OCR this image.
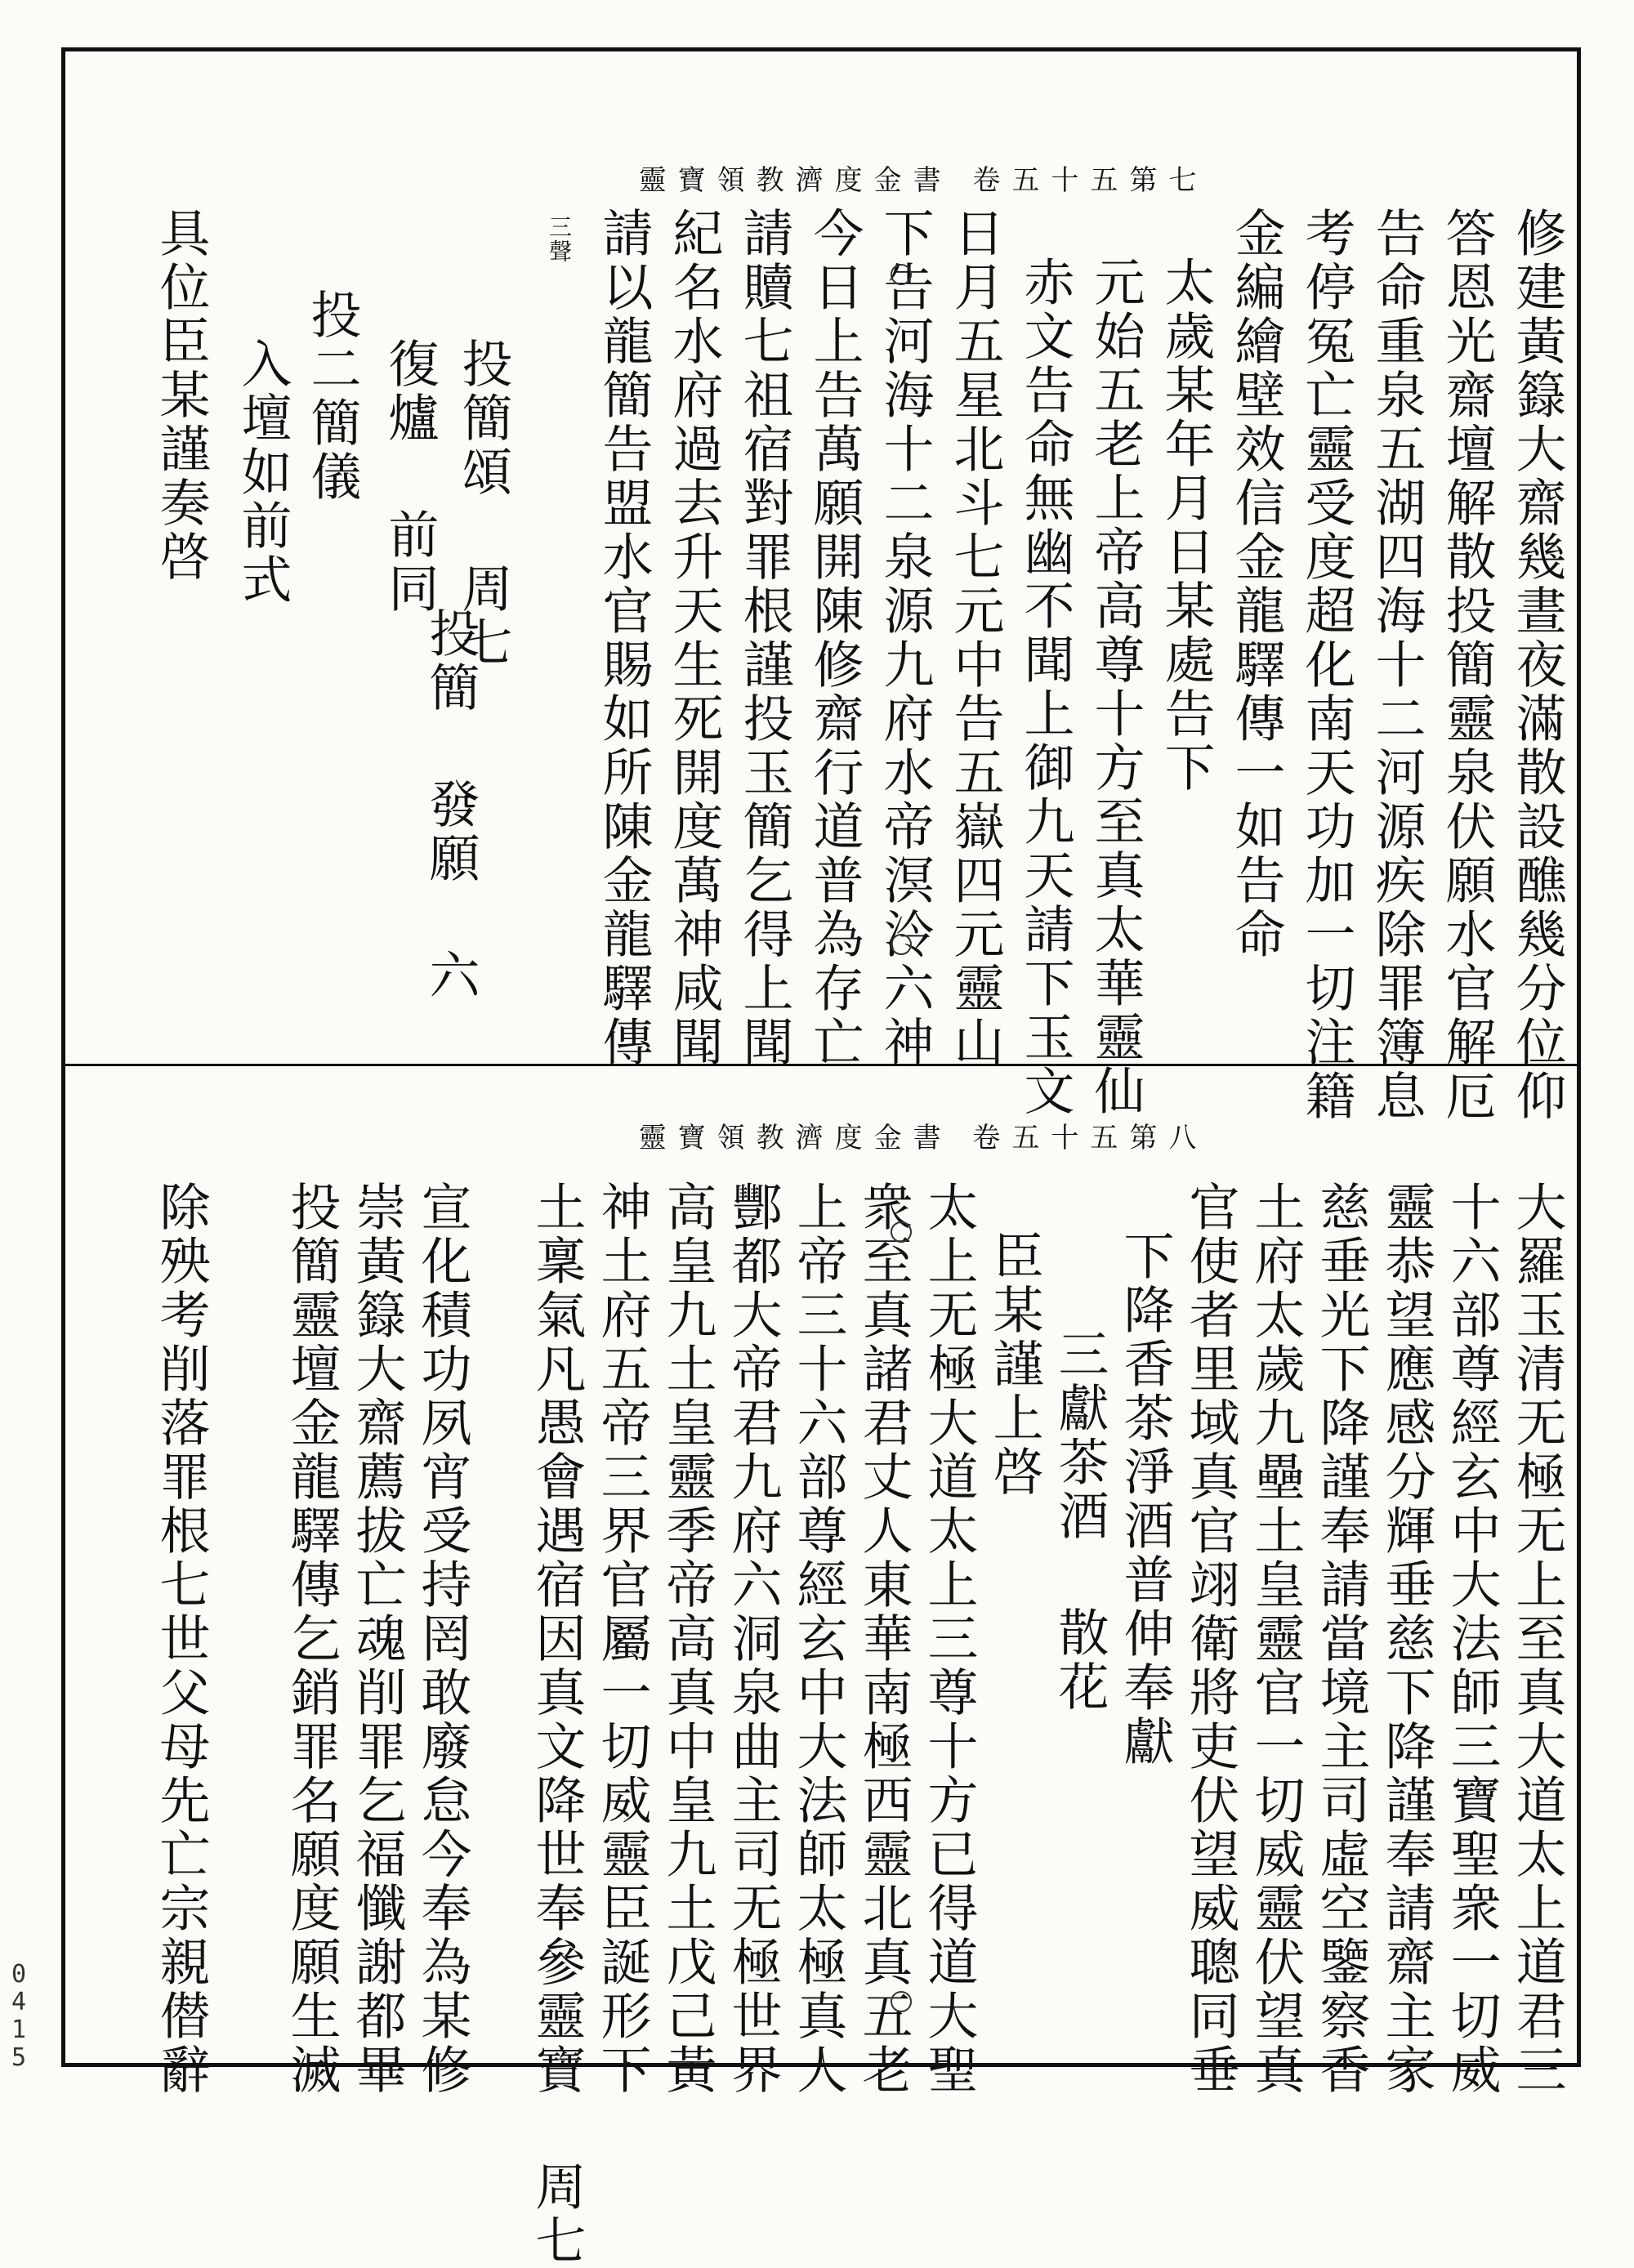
靈寶領教濟度金書 卷五十五第七
修建黃籙大齋幾晝夜滿散設醮幾分位仰
答恩光齋壇解散投簡靈泉伏願水官解厄
告命重泉五湖四海十二河源疾除罪簿息
考停冤亡靈受度超化南天功加一切注籍
金編繪壁效信金龍驛傳一如告命
太歲某年月日某處告下
元始五老上帝高尊十方至真太華靈仙
赤文告命無幽不聞上御九天請下玉文
日月五星北斗七元中告五嶽四元靈山
下告河海十二泉源九府水帝溟泠六神
今日上告萬願開陳修齋行道普為存亡
請贖七祖宿對罪根謹投玉簡乞得上聞
紀名水府過去升天生死開度萬神咸聞
請以龍簡告盟水官賜如所陳金龍驛傳
三聲
投簡頌 周七
投簡 發願 六
復爐 前同
投二簡儀
入壇如前式
具位臣某謹奏啓
靈寶領教濟度金書 卷五十五第八
大羅玉清无極无上至真大道太上道君三
十六部尊經玄中大法師三寶聖衆一切威
靈恭望應感分輝垂慈下降謹奉請齋主家
慈垂光下降謹奉請當境主司虛空鑒察香
土府太歲九壘土皇靈官一切威靈伏望真
官使者里域真官翊衛將吏伏望威聰同垂
下降香茶淨酒普伸奉獻
三獻茶酒 散花
臣某謹上啓
太上无極大道太上三尊十方已得道大聖
衆至真諸君丈人東華南極西靈北真五老
上帝三十六部尊經玄中大法師太極真人
酆都大帝君九府六洞泉曲主司无極世界
高皇九土皇靈季帝高真中皇九土戊己黃
神土府五帝三界官屬一切威靈臣誕形下
土稟氣凡愚會遇宿因真文降世奉參靈寶 周七
宣化積功夙宵受持罔敢廢怠今奉為某修
崇黃籙大齋薦拔亡魂削罪乞福懺謝都畢
投簡靈壇金龍驛傳乞銷罪名願度願生滅
除殃考削落罪根七世父母先亡宗親僣辭
0415
